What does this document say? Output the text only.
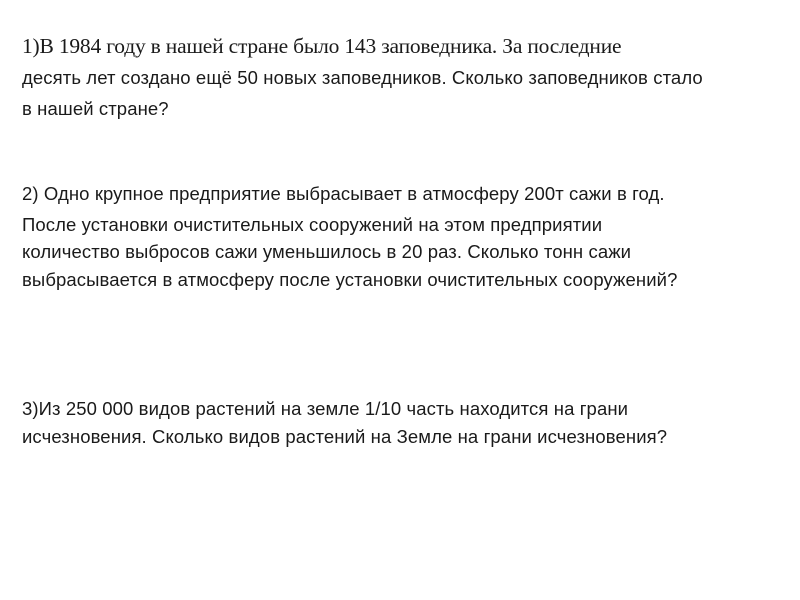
1)В 1984 году в нашей стране было 143 заповедника. За последние
десять лет создано ещё 50 новых заповедников. Сколько заповедников стало
в нашей стране?
2) Одно крупное предприятие выбрасывает в атмосферу 200т сажи в год.
После установки очистительных сооружений на этом предприятии
количество выбросов сажи уменьшилось в 20 раз. Сколько тонн сажи
выбрасывается в атмосферу после установки очистительных сооружений?
3)Из 250 000 видов растений на земле 1/10 часть находится на грани
исчезновения. Сколько видов растений на Земле на грани исчезновения?
